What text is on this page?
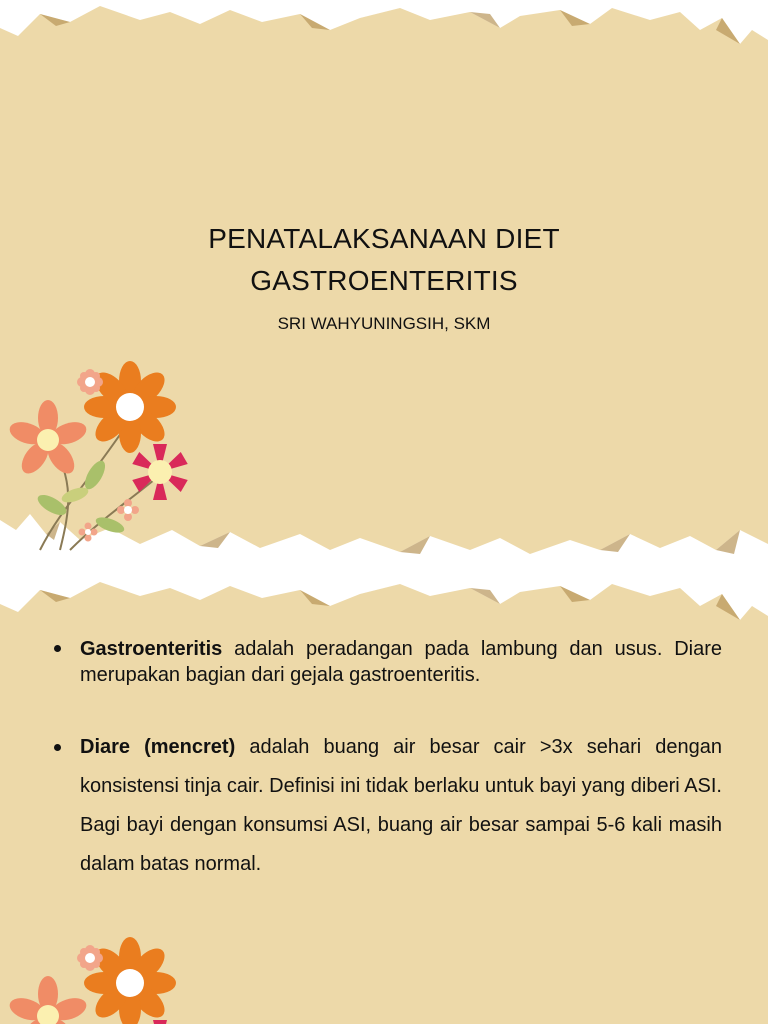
PENATALAKSANAAN DIET
GASTROENTERITIS
SRI WAHYUNINGSIH, SKM
Gastroenteritis adalah peradangan pada lambung dan usus. Diare merupakan bagian dari gejala gastroenteritis.
Diare (mencret) adalah buang air besar cair >3x sehari dengan konsistensi tinja cair. Definisi ini tidak berlaku untuk bayi yang diberi ASI. Bagi bayi dengan konsumsi ASI, buang air besar sampai 5-6 kali masih dalam batas normal.
